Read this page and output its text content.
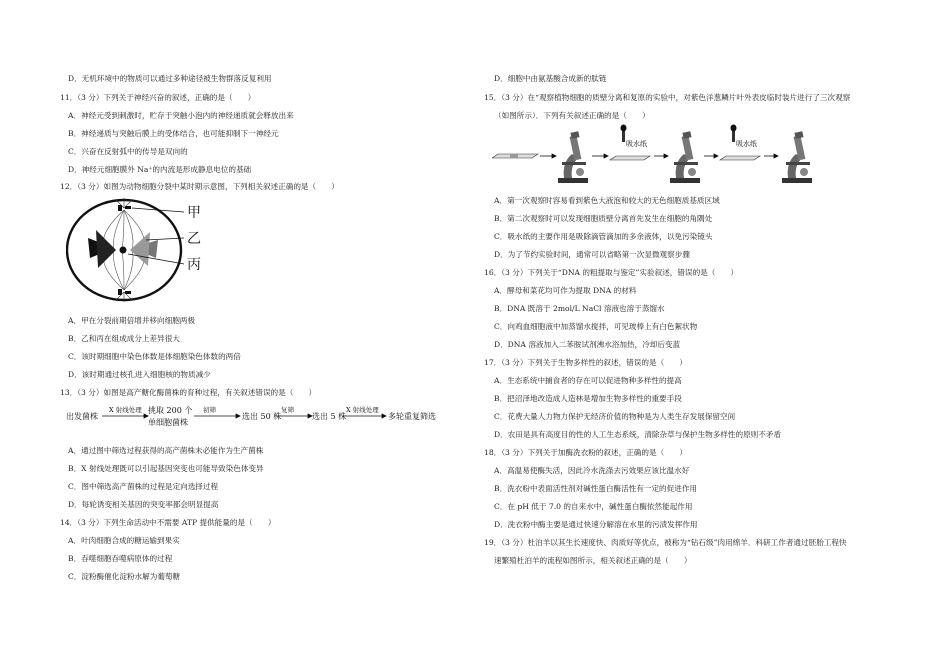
D．无机环境中的物质可以通过多种途径被生物群落反复利用
11．（3 分）下列关于神经兴奋的叙述，正确的是（　　）
A．神经元受到刺激时，贮存于突触小泡内的神经递质就会释放出来
B．神经递质与突触后膜上的受体结合，也可能抑制下一神经元
C．兴奋在反射弧中的传导是双向的
D．神经元细胞膜外 Na⁺的内流是形成静息电位的基础
12．（3 分）如图为动物细胞分裂中某时期示意图，下列相关叙述正确的是（　　）
甲
乙
丙
A．甲在分裂前期倍增并移向细胞两极
B．乙和丙在组成成分上差异很大
C．该时期细胞中染色体数是体细胞染色体数的两倍
D．该时期通过核孔进入细胞核的物质减少
13．（3 分）如图是高产糖化酶菌株的育种过程，有关叙述错误的是（　　）
出发菌株
X 射线处理 挑取 200 个
单细胞菌株
初筛
选出 50 株
复筛
选出 5 株
X 射线处理
多轮重复筛选
A．通过图中筛选过程获得的高产菌株未必能作为生产菌株
B．X 射线处理既可以引起基因突变也可能导致染色体变异
C．图中筛选高产菌株的过程是定向选择过程
D．每轮诱变相关基因的突变率都会明显提高
14．（3 分）下列生命活动中不需要 ATP 提供能量的是（　　）
A．叶肉细胞合成的糖运输到果实
B．吞噬细胞吞噬病原体的过程
C．淀粉酶催化淀粉水解为葡萄糖
D．细胞中由氨基酸合成新的肽链
15．（3 分）在“观察植物细胞的质壁分离和复原的实验中，对紫色洋葱鳞片叶外表皮临时装片进行了三次观察
（如图所示）．下列有关叙述正确的是（　　）
吸水纸	吸水纸
A．第一次观察时容易看到紫色大液泡和较大的无色细胞质基质区域
B．第二次观察时可以发现细胞质壁分离首先发生在细胞的角隅处
C．吸水纸的主要作用是吸除滴管滴加的多余液体，以免污染镜头
D．为了节约实验时间，通常可以省略第一次显微观察步骤
16．（3 分）下列关于“DNA 的粗提取与鉴定”实验叙述，错误的是（　　）
A．酵母和菜花均可作为提取 DNA 的材料
B．DNA 既溶于 2mol/L NaCl 溶液也溶于蒸馏水
C．向鸡血细胞液中加蒸馏水搅拌，可见玻棒上有白色絮状物
D．DNA 溶液加入二苯胺试剂沸水浴加热，冷却后变蓝
17．（3 分）下列关于生物多样性的叙述，错误的是（　　）
A．生态系统中捕食者的存在可以促进物种多样性的提高
B．把沼泽地改造成人造林是增加生物多样性的重要手段
C．花费大量人力物力保护无经济价值的物种是为人类生存发展保留空间
D．农田是具有高度目的性的人工生态系统，清除杂草与保护生物多样性的原则不矛盾
18．（3 分）下列关于加酶洗衣粉的叙述，正确的是（　　）
A．高温易使酶失活，因此冷水洗涤去污效果应该比温水好
B．洗衣粉中表面活性剂对碱性蛋白酶活性有一定的促进作用
C．在 pH 低于 7.0 的自来水中，碱性蛋白酶依然能起作用
D．洗衣粉中酶主要是通过快速分解溶在水里的污渍发挥作用
19．（3 分）杜泊羊以其生长速度快、肉质好等优点，被称为“钻石级”肉用绵羊．科研工作者通过胚胎工程快
速繁殖杜泊羊的流程如图所示，相关叙述正确的是（　　）
